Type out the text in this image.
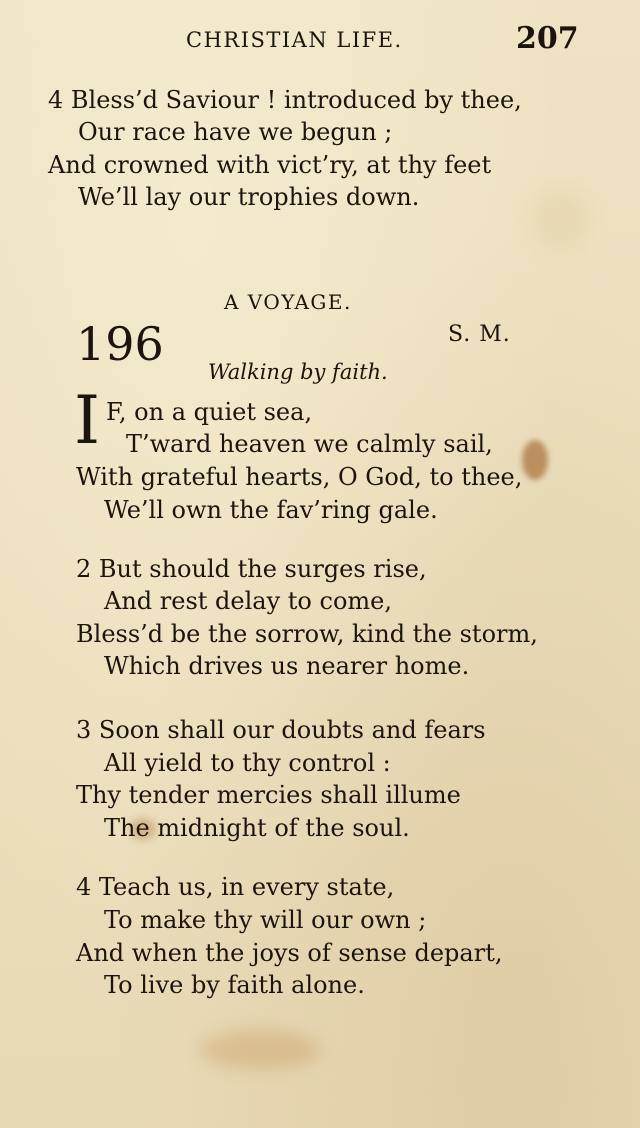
CHRISTIAN LIFE.	207
4 Bless’d Saviour ! introduced by thee,
Our race have we begun ;
And crowned with vict’ry, at thy feet
We’ll lay our trophies down.
A VOYAGE.
196	S. M.
Walking by faith.
I F, on a quiet sea,
T’ward heaven we calmly sail,
With grateful hearts, O God, to thee,
We’ll own the fav’ring gale.
2 But should the surges rise,
And rest delay to come,
Bless’d be the sorrow, kind the storm,
Which drives us nearer home.
3 Soon shall our doubts and fears
All yield to thy control :
Thy tender mercies shall illume
The midnight of the soul.
4 Teach us, in every state,
To make thy will our own ;
And when the joys of sense depart,
To live by faith alone.
